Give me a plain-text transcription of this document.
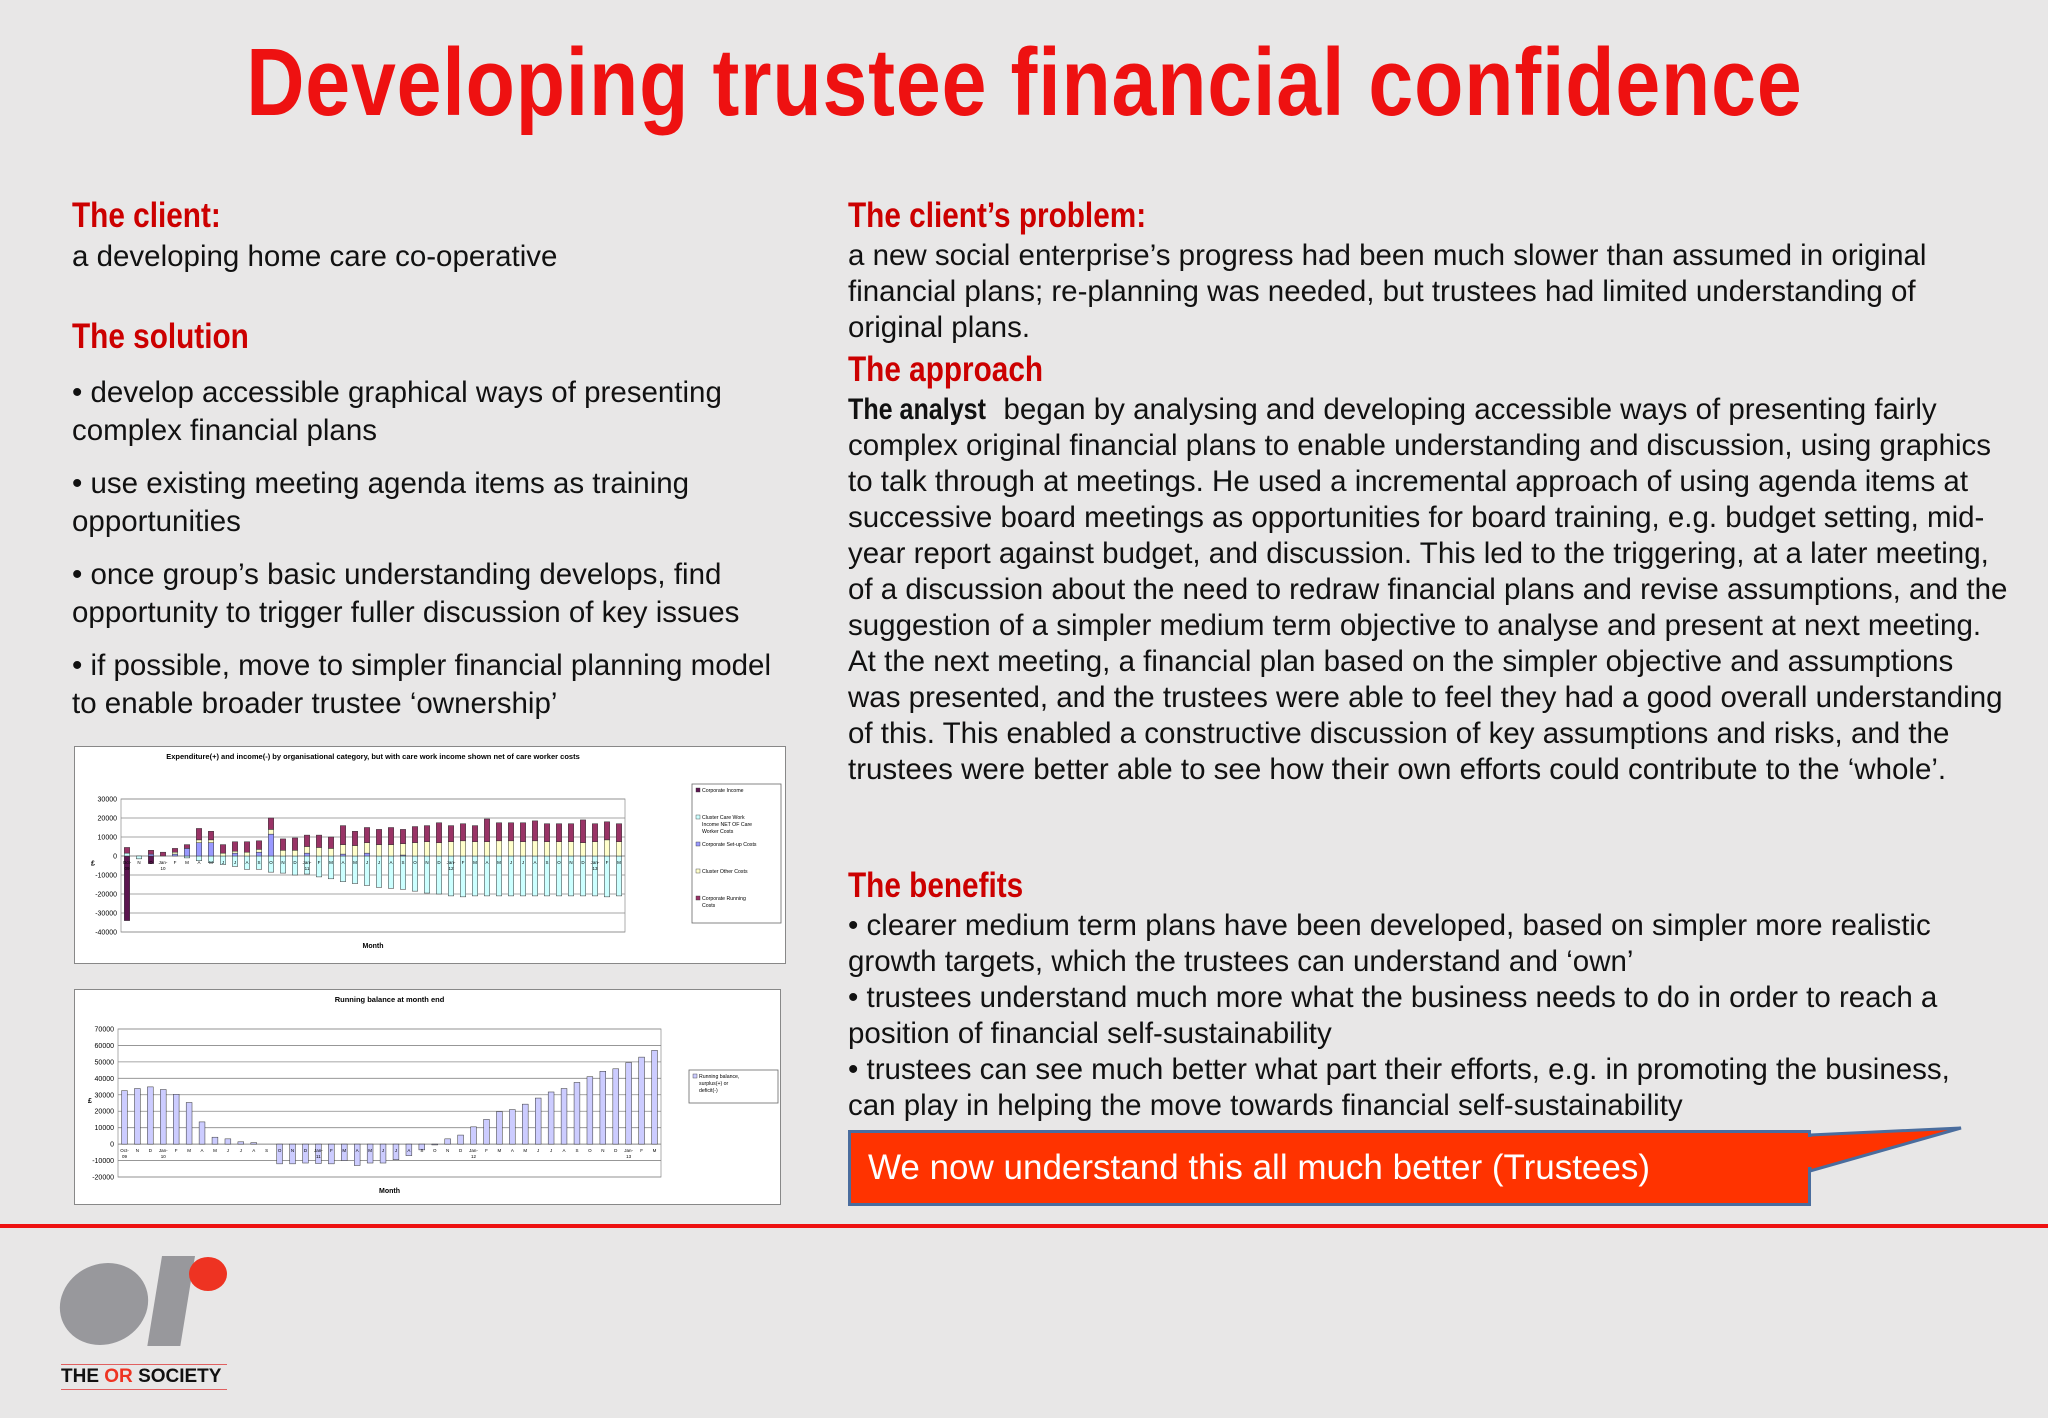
Developing trustee financial confidence
The client:
a developing home care co-operative
The solution

• develop accessible graphical ways of presenting complex financial plans

• use existing meeting agenda items as training opportunities

• once group’s basic understanding develops, find opportunity to trigger fuller discussion of key issues

• if possible, move to simpler financial planning model to enable broader trustee ‘ownership’

Expenditure(+) and income(-) by organisational category, but with care work income shown net of care worker costs
30000
20000
10000
0
-10000
-20000
-30000
-40000
£
Month
Oct-
09
N D Jan-
10
F M A M J J A S O N D Jan-
11
F M A M J J A S O N D Jan-
12
F M A M J J A S O N D Jan-
13
F M
Corporate Income
Cluster Care Work
Income NET OF Care
Worker Costs
Corporate Set-up Costs
Cluster Other Costs
Corporate Running
Costs
Running balance at month end
70000
60000
50000
40000
30000
20000
10000
0
-10000
-20000
£
Month
Oct-
09
N D Jan-
10
F M A M J J A S O N D Jan-
11
F M A M J J A S O N D Jan-
12
F M A M J J A S O N D Jan-
13
F M
Running balance,
surplus(+) or
deficit(-)
The client’s problem:
a new social enterprise’s progress had been much slower than assumed in original financial plans; re-planning was needed, but trustees had limited understanding of original plans.
The approach
The analyst began by analysing and developing accessible ways of presenting fairly complex original financial plans to enable understanding and discussion, using graphics to talk through at meetings. He used a incremental approach of using agenda items at successive board meetings as opportunities for board training, e.g. budget setting, mid-year report against budget, and discussion. This led to the triggering, at a later meeting, of a discussion about the need to redraw financial plans and revise assumptions, and the suggestion of a simpler medium term objective to analyse and present at next meeting. At the next meeting, a financial plan based on the simpler objective and assumptions was presented, and the trustees were able to feel they had a good overall understanding of this. This enabled a constructive discussion of key assumptions and risks, and the trustees were better able to see how their own efforts could contribute to the ‘whole’.
The benefits

• clearer medium term plans have been developed, based on simpler more realistic growth targets, which the trustees can understand and ‘own’

• trustees understand much more what the business needs to do in order to reach a position of financial self-sustainability

• trustees can see much better what part their efforts, e.g. in promoting the business, can play in helping the move towards financial self-sustainability

We now understand this all much better (Trustees)
THE OR SOCIETY
